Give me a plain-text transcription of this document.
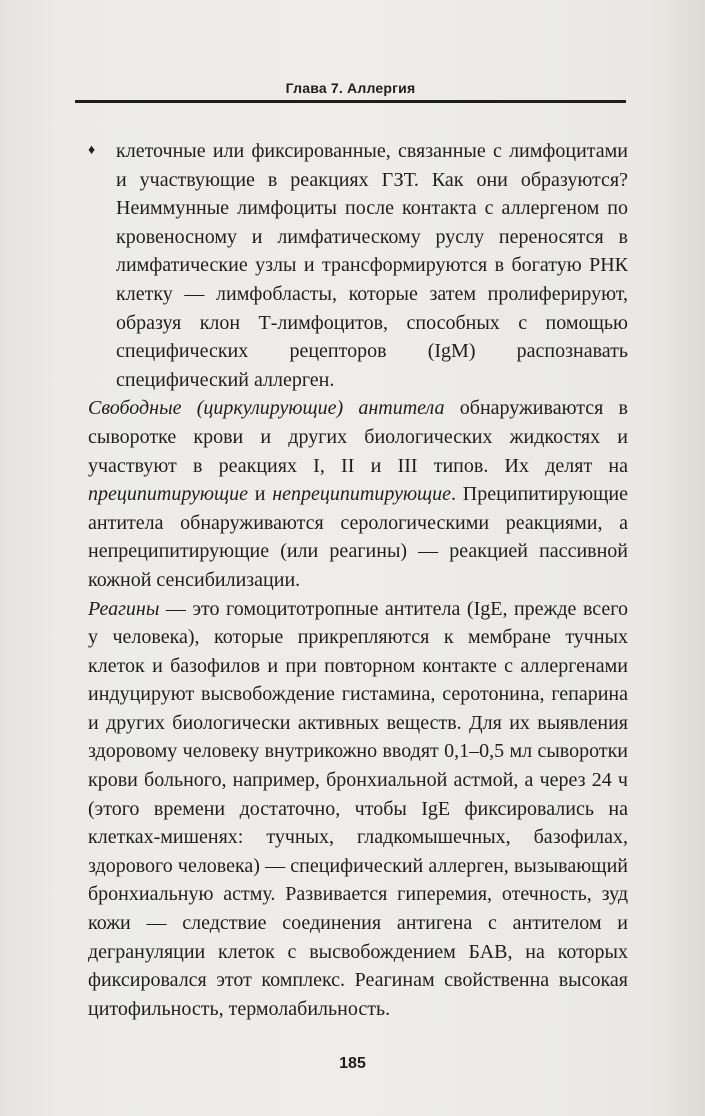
Глава 7. Аллергия

♦ клеточные или фиксированные, связанные с лимфоцитами и участвующие в реакциях ГЗТ. Как они образуются? Неиммунные лимфоциты после контакта с аллергеном по кровеносному и лимфатическому руслу переносятся в лимфатические узлы и трансформируются в богатую РНК клетку — лимфобласты, которые затем пролиферируют, образуя клон Т-лимфоцитов, способных с помощью специфических рецепторов (IgM) распознавать специфический аллерген.

Свободные (циркулирующие) антитела обнаруживаются в сыворотке крови и других биологических жидкостях и участвуют в реакциях I, II и III типов. Их делят на преципитирующие и непреципитирующие. Преципитирующие антитела обнаруживаются серологическими реакциями, а непреципитирующие (или реагины) — реакцией пассивной кожной сенсибилизации.

Реагины — это гомоцитотропные антитела (IgE, прежде всего у человека), которые прикрепляются к мембране тучных клеток и базофилов и при повторном контакте с аллергенами индуцируют высвобождение гистамина, серотонина, гепарина и других биологически активных веществ. Для их выявления здоровому человеку внутрикожно вводят 0,1–0,5 мл сыворотки крови больного, например, бронхиальной астмой, а через 24 ч (этого времени достаточно, чтобы IgE фиксировались на клетках-мишенях: тучных, гладкомышечных, базофилах, здорового человека) — специфический аллерген, вызывающий бронхиальную астму. Развивается гиперемия, отечность, зуд кожи — следствие соединения антигена с антителом и дегрануляции клеток с высвобождением БАВ, на которых фиксировался этот комплекс. Реагинам свойственна высокая цитофильность, термолабильность.

185
